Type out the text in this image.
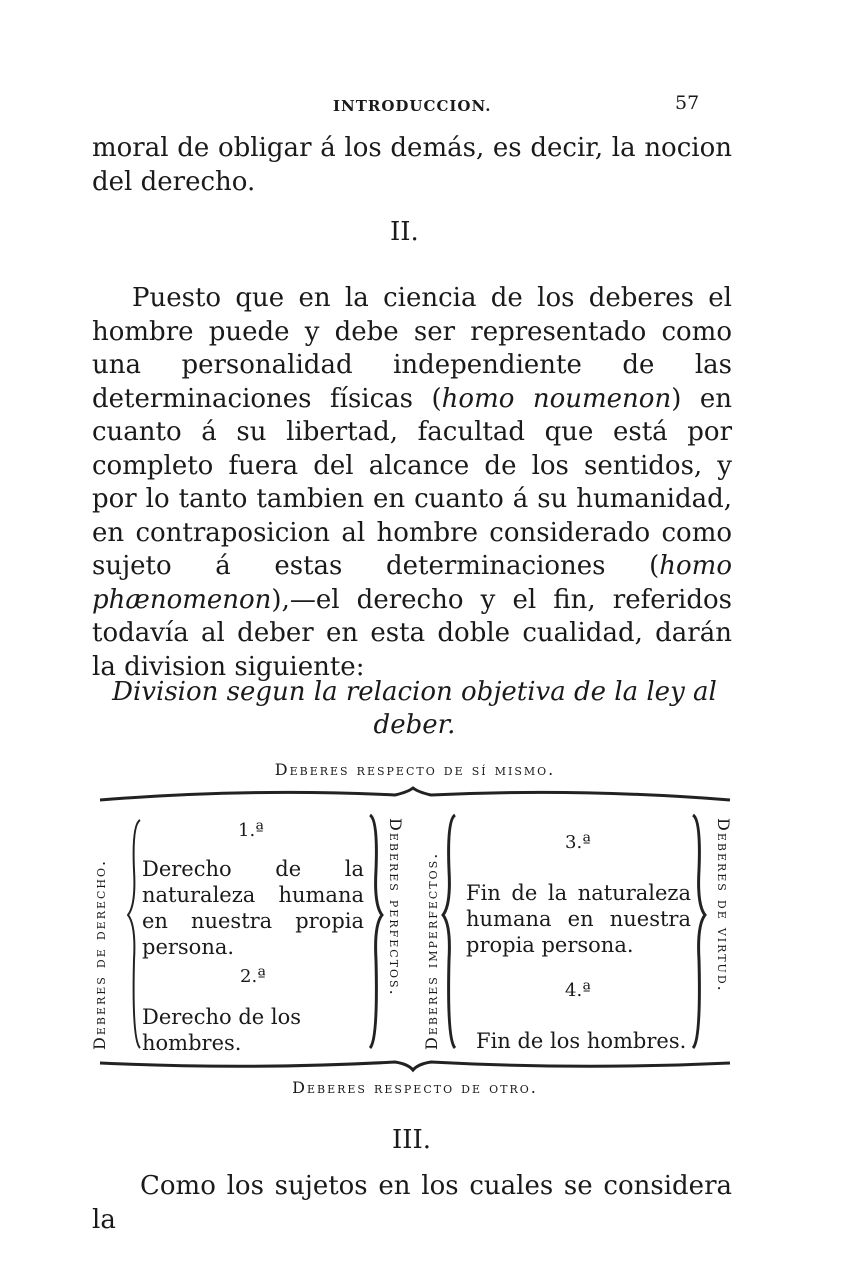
INTRODUCCION.	57
moral de obligar á los demás, es decir, la nocion del derecho.
II.
Puesto que en la ciencia de los deberes el hombre puede y debe ser representado como una personalidad independiente de las determinaciones físicas (homo noumenon) en cuanto á su libertad, facultad que está por completo fuera del alcance de los sentidos, y por lo tanto tambien en cuanto á su humanidad, en contraposicion al hombre considerado como sujeto á estas determinaciones (homo phænomenon),—el derecho y el fin, referidos todavía al deber en esta doble cualidad, darán la division siguiente:
Division segun la relacion objetiva de la ley al deber.
Deberes respecto de sí mismo.
Deberes de derecho.	Deberes perfectos. Deberes imperfectos.	Deberes de virtud.
1.ª
Derecho de la naturaleza humana en nuestra propia persona.
2.ª
Derecho de los hombres.
3.ª
Fin de la naturaleza humana en nuestra propia persona.
4.ª
Fin de los hombres.
Deberes respecto de otro.
III.
Como los sujetos en los cuales se considera la
